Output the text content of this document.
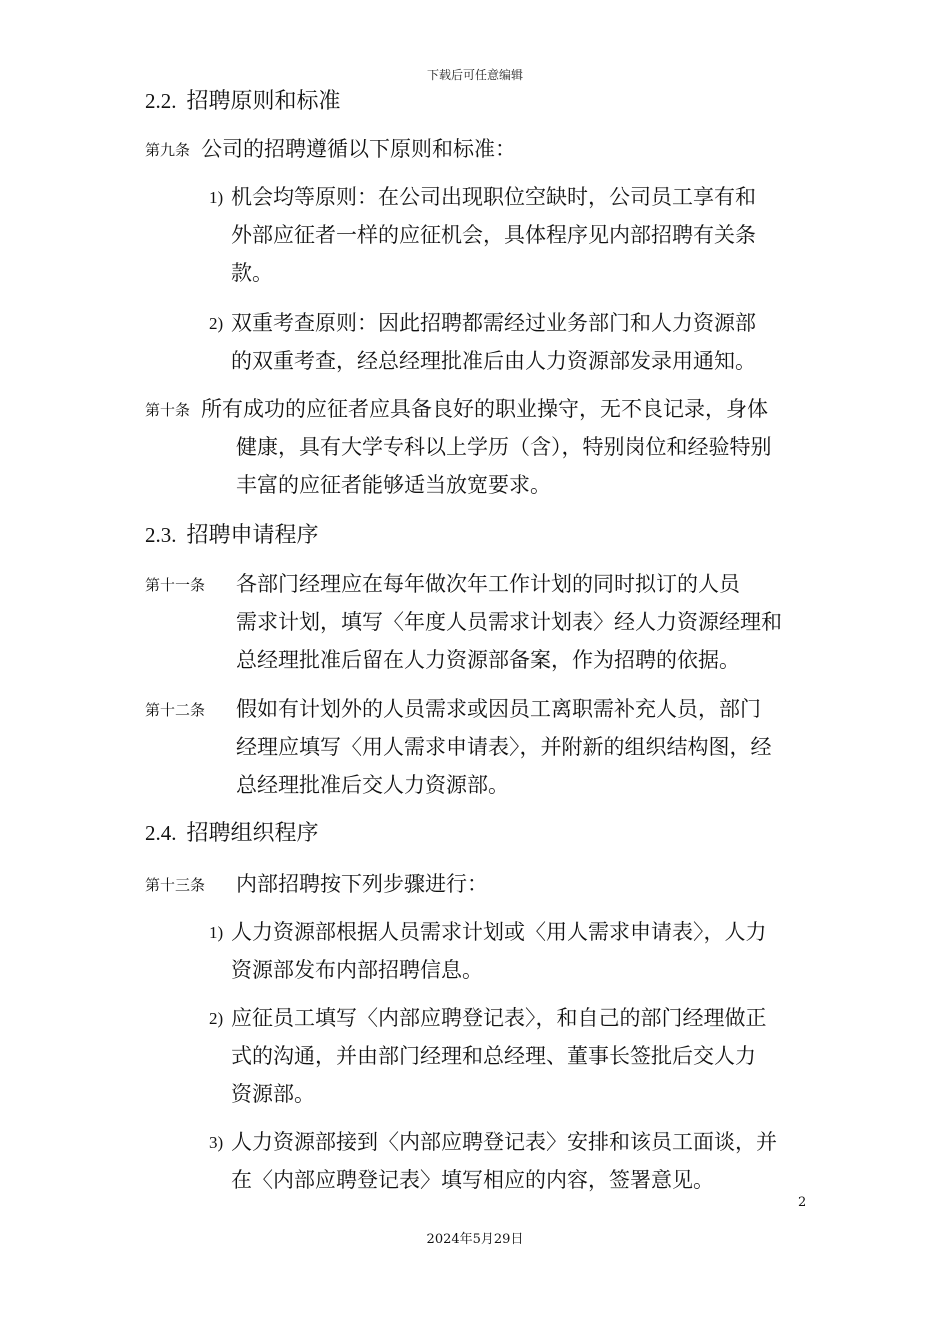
下载后可任意编辑
2.2. 招聘原则和标准
第九条 公司的招聘遵循以下原则和标准：
1) 机会均等原则：在公司出现职位空缺时，公司员工享有和
外部应征者一样的应征机会，具体程序见内部招聘有关条
款。
2) 双重考查原则：因此招聘都需经过业务部门和人力资源部
的双重考查，经总经理批准后由人力资源部发录用通知。
第十条 所有成功的应征者应具备良好的职业操守，无不良记录，身体
健康，具有大学专科以上学历（含），特别岗位和经验特别
丰富的应征者能够适当放宽要求。
2.3. 招聘申请程序
第十一条 各部门经理应在每年做次年工作计划的同时拟订的人员
需求计划，填写〈年度人员需求计划表〉经人力资源经理和
总经理批准后留在人力资源部备案，作为招聘的依据。
第十二条 假如有计划外的人员需求或因员工离职需补充人员，部门
经理应填写〈用人需求申请表〉，并附新的组织结构图，经
总经理批准后交人力资源部。
2.4. 招聘组织程序
第十三条 内部招聘按下列步骤进行：
1) 人力资源部根据人员需求计划或〈用人需求申请表〉，人力
资源部发布内部招聘信息。
2) 应征员工填写〈内部应聘登记表〉，和自己的部门经理做正
式的沟通，并由部门经理和总经理、董事长签批后交人力
资源部。
3) 人力资源部接到〈内部应聘登记表〉安排和该员工面谈，并
在〈内部应聘登记表〉填写相应的内容，签署意见。
2
2024年5月29日
